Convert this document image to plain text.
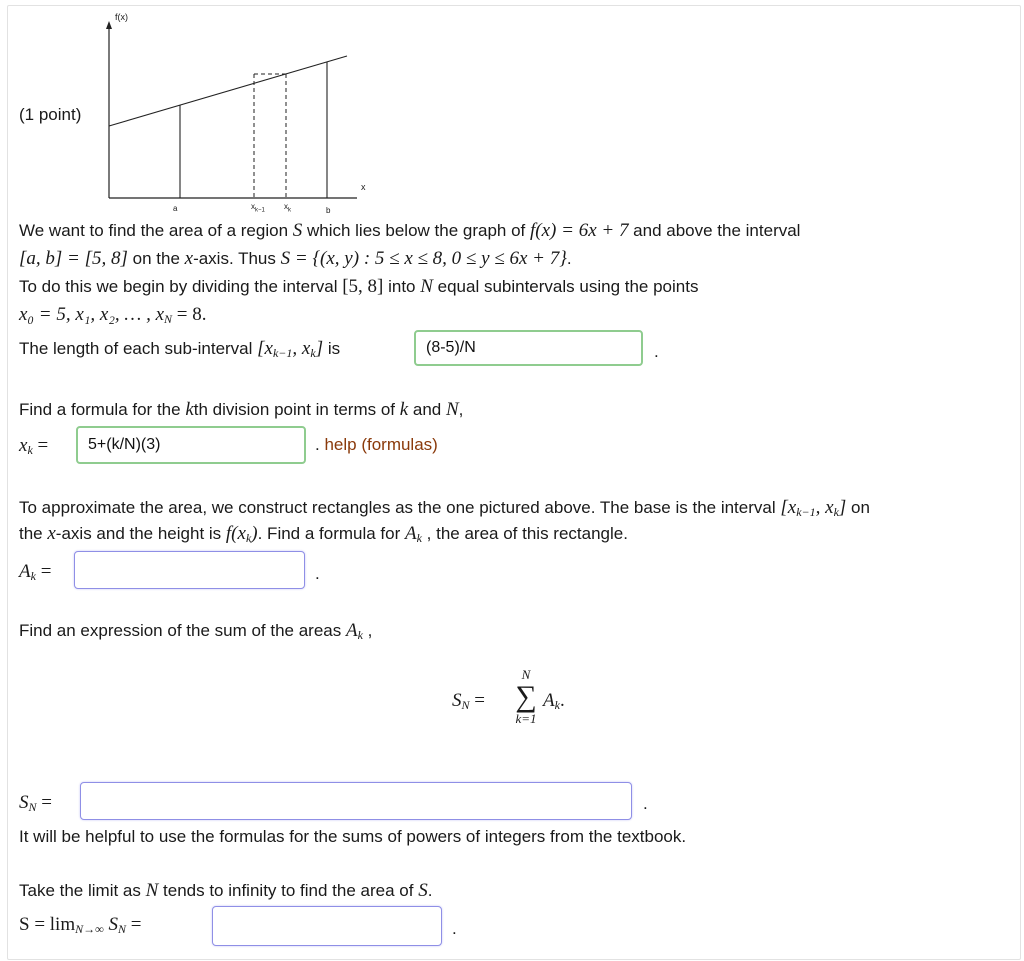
f(x)
x
a	$x_{k-1}$ $x_k$	b
(1 point)
We want to find the area of a region S which lies below the graph of f(x) = 6x + 7 and above the interval
[a, b] = [5, 8] on the x-axis. Thus S = {(x, y) : 5 ≤ x ≤ 8, 0 ≤ y ≤ 6x + 7}.
To do this we begin by dividing the interval [5, 8] into N equal subintervals using the points
x₀ = 5, x₁, x₂, … , $x_N = 8$.
The length of each sub-interval [$x_{k-1}$, $x_k$] is
(8-5)/N	.
Find a formula for the kth division point in terms of k and N,
$x_k$ =
5+(k/N)(3)	. help (formulas)
To approximate the area, we construct rectangles as the one pictured above. The base is the interval [$x_{k-1}$, $x_k$] on
the x-axis and the height is $f(x_k)$. Find a formula for $A_k$ , the area of this rectangle.
$A_k$ =	.
Find an expression of the sum of the areas $A_k$ ,
$S_N$ =
N
∑
k=1
$A_k$.
$S_N$ =	.
It will be helpful to use the formulas for the sums of powers of integers from the textbook.
Take the limit as N tends to infinity to find the area of S.
$S = \lim_{N\to\infty} S_N$ =	.
